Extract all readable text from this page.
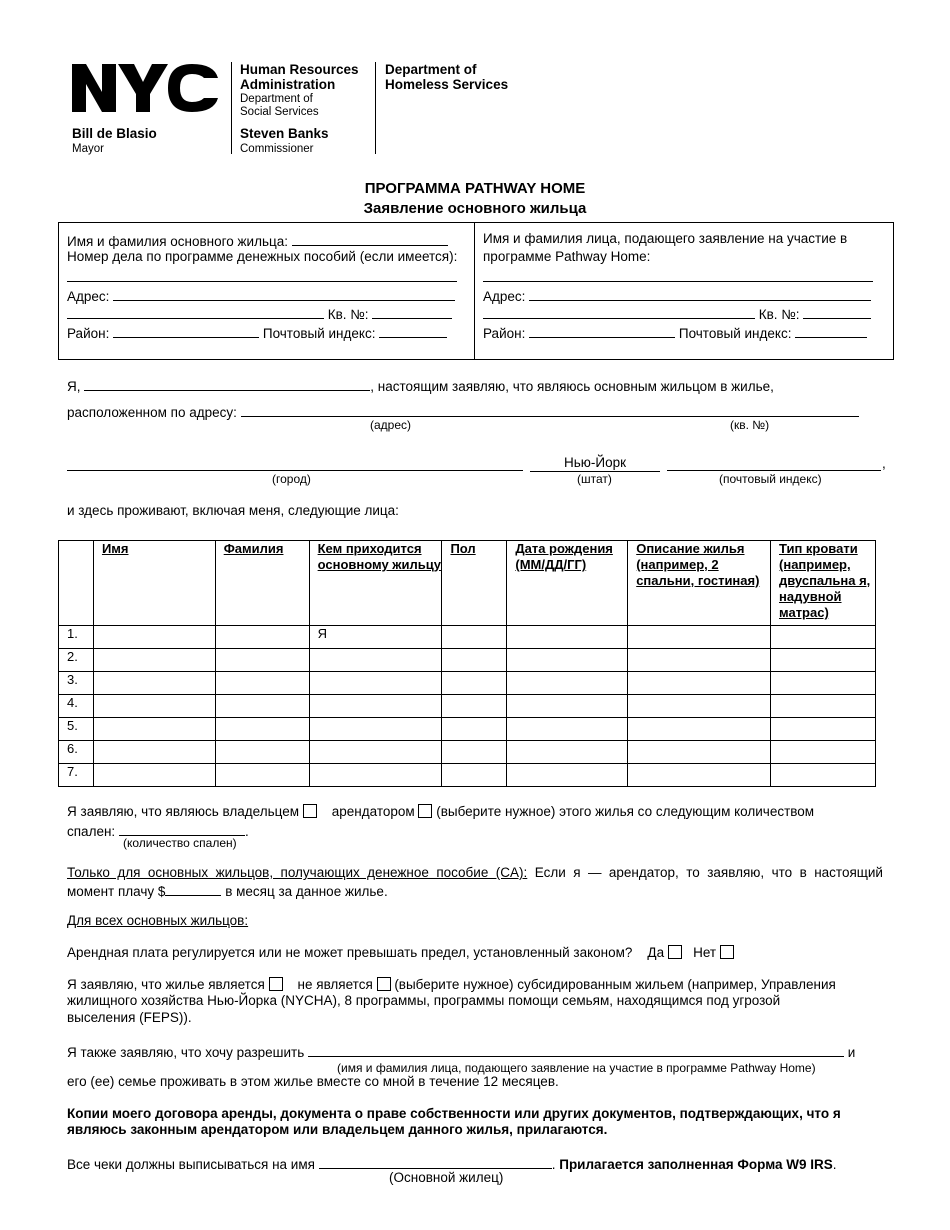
Bill de Blasio
Mayor
Human Resources
Administration
Department of
Social Services
Steven Banks
Commissioner
Department of
Homeless Services
ПРОГРАММА PATHWAY HOME
Заявление основного жильца
Имя и фамилия основного жильца:
Номер дела по программе денежных пособий (если имеется):
Адрес:
Кв. №:
Район:	Почтовый индекс:
Имя и фамилия лица, подающего заявление на участие в
программе Pathway Home:
Адрес:
Кв. №:
Район:	Почтовый индекс:
Я,	, настоящим заявляю, что являюсь основным жильцом в жилье,
расположенном по адресу:
(адрес)	(кв. №)
Нью-Йорк	,
(город)	(штат)	(почтовый индекс)
и здесь проживают, включая меня, следующие лица:
	Имя	Фамилия	Кем приходится основному жильцу	Пол	Дата рождения (ММ/ДД/ГГ)	Описание жилья (например, 2 спальни, гостиная)	Тип кровати (например, двуспальна я, надувной матрас)
1.			Я				
2.							
3.							
4.							
5.							
6.							
7.							
Я заявляю, что являюсь владельцем арендатором (выберите нужное) этого жилья со следующим количеством
спален:	.
(количество спален)
Только для основных жильцов, получающих денежное пособие (CA): Если я — арендатор, то заявляю, что в настоящий
момент плачу $	в месяц за данное жилье.
Для всех основных жильцов:
Арендная плата регулируется или не может превышать предел, установленный законом? Да Нет
Я заявляю, что жилье является не является (выберите нужное) субсидированным жильем (например, Управления
жилищного хозяйства Нью-Йорка (NYCHA), 8 программы, программы помощи семьям, находящимся под угрозой
выселения (FEPS)).
Я также заявляю, что хочу разрешить	и
(имя и фамилия лица, подающего заявление на участие в программе Pathway Home)
его (ее) семье проживать в этом жилье вместе со мной в течение 12 месяцев.
Копии моего договора аренды, документа о праве собственности или других документов, подтверждающих, что я
являюсь законным арендатором или владельцем данного жилья, прилагаются.
Все чеки должны выписываться на имя	. Прилагается заполненная Форма W9 IRS.
(Основной жилец)
